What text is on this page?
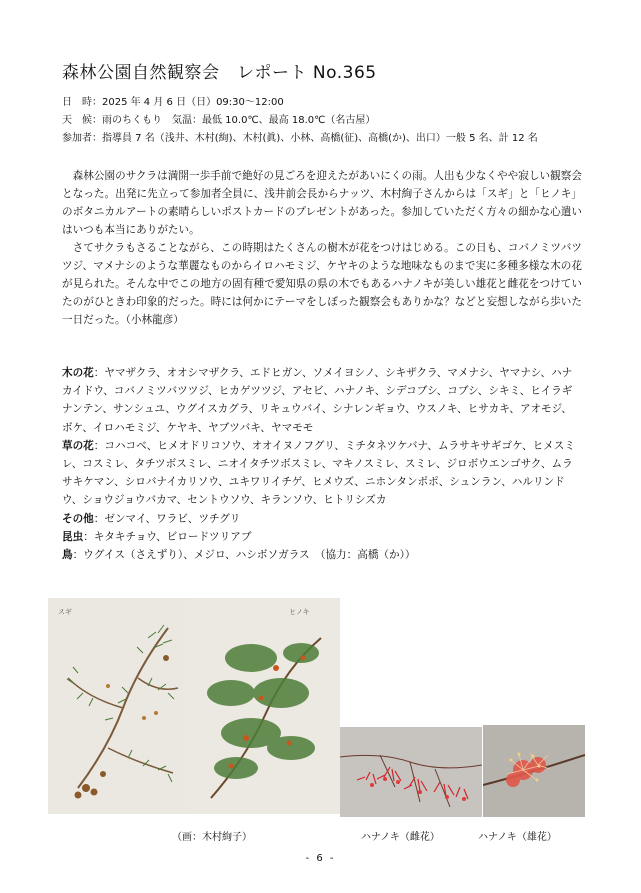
森林公園自然観察会　レポート No.365
日　時：2025 年 4 月 6 日（日）09:30〜12:00
天　候：雨のちくもり　気温：最低 10.0℃、最高 18.0℃（名古屋）
参加者：指導員 7 名（浅井、木村(絢)、木村(眞)、小林、高橋(征)、高橋(か)、出口）一般 5 名、計 12 名

森林公園のサクラは満開一歩手前で絶好の見ごろを迎えたがあいにくの雨。人出も少なくやや寂しい観察会となった。出発に先立って参加者全員に、浅井前会長からナッツ、木村絢子さんからは「スギ」と「ヒノキ」のボタニカルアートの素晴らしいポストカードのプレゼントがあった。参加していただく方々の細かな心遣いはいつも本当にありがたい。

さてサクラもさることながら、この時期はたくさんの樹木が花をつけはじめる。この日も、コバノミツバツツジ、マメナシのような華麗なものからイロハモミジ、ケヤキのような地味なものまで実に多種多様な木の花が見られた。そんな中でこの地方の固有種で愛知県の県の木でもあるハナノキが美しい雄花と雌花をつけていたのがひときわ印象的だった。時には何かにテーマをしぼった観察会もありかな？などと妄想しながら歩いた一日だった。（小林龍彦）

木の花：ヤマザクラ、オオシマザクラ、エドヒガン、ソメイヨシノ、シキザクラ、マメナシ、ヤマナシ、ハナカイドウ、コバノミツバツツジ、ヒカゲツツジ、アセビ、ハナノキ、シデコブシ、コブシ、シキミ、ヒイラギナンテン、サンシュユ、ウグイスカグラ、リキュウバイ、シナレンギョウ、ウスノキ、ヒサカキ、アオモジ、ボケ、イロハモミジ、ケヤキ、ヤブツバキ、ヤマモモ
草の花：コハコベ、ヒメオドリコソウ、オオイヌノフグリ、ミチタネツケバナ、ムラサキサギゴケ、ヒメスミレ、コスミレ、タチツボスミレ、ニオイタチツボスミレ、マキノスミレ、スミレ、ジロボウエンゴサク、ムラサキケマン、シロバナイカリソウ、ユキワリイチゲ、ヒメウズ、ニホンタンポポ、シュンラン、ハルリンドウ、ショウジョウバカマ、セントウソウ、キランソウ、ヒトリシズカ
その他：ゼンマイ、ワラビ、ツチグリ
昆虫：キタキチョウ、ビロードツリアブ
鳥：ウグイス（さえずり）、メジロ、ハシボソガラス　（協力：高橋（か））
スギ	ヒノキ
（画：木村絢子）	ハナノキ（雌花）	ハナノキ（雄花）
- 6 -
